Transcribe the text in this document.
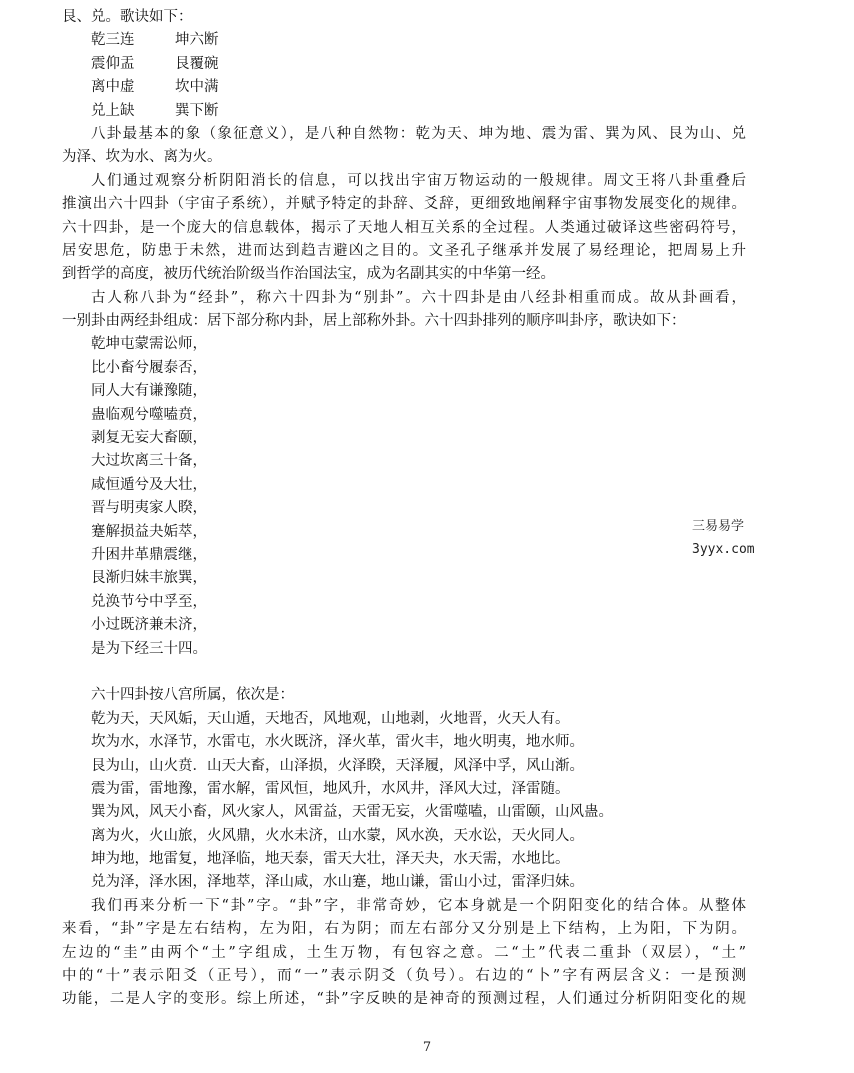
艮、兑。歌诀如下：
乾三连	坤六断
震仰盂	艮覆碗
离中虚	坎中满
兑上缺	巽下断
八卦最基本的象（象征意义），是八种自然物：乾为天、坤为地、震为雷、巽为风、艮为山、兑
为泽、坎为水、离为火。
人们通过观察分析阴阳消长的信息，可以找出宇宙万物运动的一般规律。周文王将八卦重叠后
推演出六十四卦（宇宙子系统），并赋予特定的卦辞、爻辞，更细致地阐释宇宙事物发展变化的规律。
六十四卦，是一个庞大的信息载体，揭示了天地人相互关系的全过程。人类通过破译这些密码符号，
居安思危，防患于未然，进而达到趋吉避凶之目的。文圣孔子继承并发展了易经理论，把周易上升
到哲学的高度，被历代统治阶级当作治国法宝，成为名副其实的中华第一经。
古人称八卦为“经卦”，称六十四卦为“别卦”。六十四卦是由八经卦相重而成。故从卦画看，
一别卦由两经卦组成：居下部分称内卦，居上部称外卦。六十四卦排列的顺序叫卦序，歌诀如下：
乾坤屯蒙需讼师，
比小畜兮履泰否，
同人大有谦豫随，
蛊临观兮噬嗑贲，
剥复无妄大畜颐，
大过坎离三十备，
咸恒遁兮及大壮，
晋与明夷家人睽，
蹇解损益夬姤萃，
升困井革鼎震继，
艮渐归妹丰旅巽，
兑涣节兮中孚至，
小过既济兼未济，
是为下经三十四。
六十四卦按八宫所属，依次是：
乾为天，天风姤，天山遁，天地否，风地观，山地剥，火地晋，火天人有。
坎为水，水泽节，水雷屯，水火既济，泽火革，雷火丰，地火明夷，地水师。
艮为山，山火贲．山天大畜，山泽损，火泽睽，天泽履，风泽中孚，风山渐。
震为雷，雷地豫，雷水解，雷风恒，地风升，水风井，泽风大过，泽雷随。
巽为风，风天小畜，风火家人，风雷益，天雷无妄，火雷噬嗑，山雷颐，山风蛊。
离为火，火山旅，火风鼎，火水未济，山水蒙，风水涣，天水讼，天火同人。
坤为地，地雷复，地泽临，地天泰，雷天大壮，泽天夬，水天需，水地比。
兑为泽，泽水困，泽地萃，泽山咸，水山蹇，地山谦，雷山小过，雷泽归妹。
我们再来分析一下“卦”字。“卦”字，非常奇妙，它本身就是一个阴阳变化的结合体。从整体
来看，“卦”字是左右结构，左为阳，右为阴；而左右部分又分别是上下结构，上为阳，下为阴。
左边的“圭”由两个“土”字组成，土生万物，有包容之意。二“土”代表二重卦（双层），“土”
中的“十”表示阳爻（正号），而“一”表示阴爻（负号）。右边的“卜”字有两层含义：一是预测
功能，二是人字的变形。综上所述，“卦”字反映的是神奇的预测过程，人们通过分析阴阳变化的规
三易易学
3yyx.com
7
